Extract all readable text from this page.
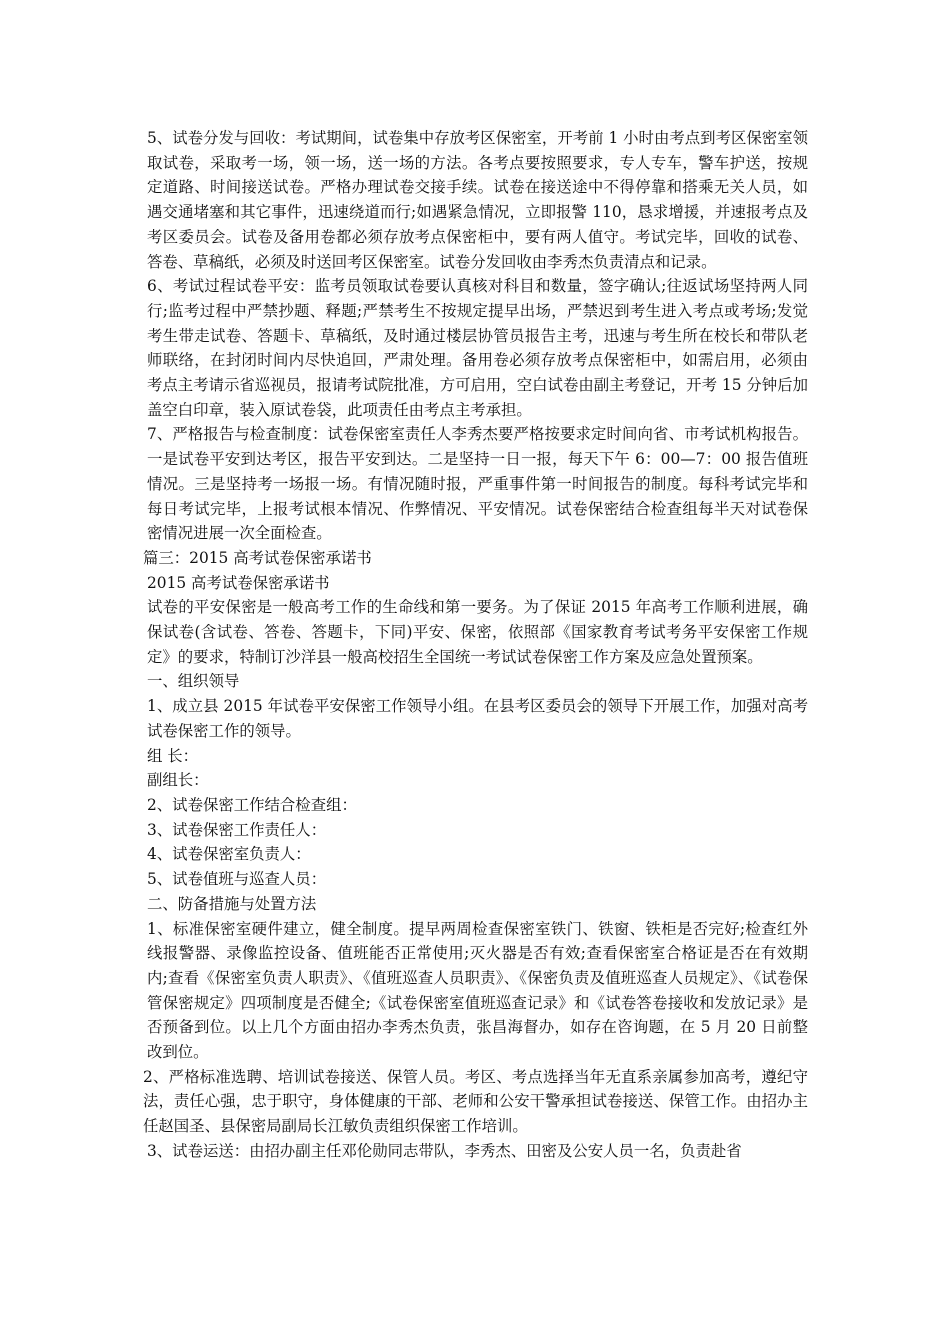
5、试卷分发与回收：考试期间，试卷集中存放考区保密室，开考前 1 小时由考点到考区保密室领取试卷，采取考一场，领一场，送一场的方法。各考点要按照要求，专人专车，警车护送，按规定道路、时间接送试卷。严格办理试卷交接手续。试卷在接送途中不得停靠和搭乘无关人员，如遇交通堵塞和其它事件，迅速绕道而行;如遇紧急情况，立即报警 110，恳求增援，并速报考点及考区委员会。试卷及备用卷都必须存放考点保密柜中，要有两人值守。考试完毕，回收的试卷、答卷、草稿纸，必须及时送回考区保密室。试卷分发回收由李秀杰负责清点和记录。

6、考试过程试卷平安：监考员领取试卷要认真核对科目和数量，签字确认;往返试场坚持两人同行;监考过程中严禁抄题、释题;严禁考生不按规定提早出场，严禁迟到考生进入考点或考场;发觉考生带走试卷、答题卡、草稿纸，及时通过楼层协管员报告主考，迅速与考生所在校长和带队老师联络，在封闭时间内尽快追回，严肃处理。备用卷必须存放考点保密柜中，如需启用，必须由考点主考请示省巡视员，报请考试院批准，方可启用，空白试卷由副主考登记，开考 15 分钟后加盖空白印章，装入原试卷袋，此项责任由考点主考承担。

7、严格报告与检查制度：试卷保密室责任人李秀杰要严格按要求定时间向省、市考试机构报告。一是试卷平安到达考区，报告平安到达。二是坚持一日一报，每天下午 6：00—7：00 报告值班情况。三是坚持考一场报一场。有情况随时报，严重事件第一时间报告的制度。每科考试完毕和每日考试完毕，上报考试根本情况、作弊情况、平安情况。试卷保密结合检查组每半天对试卷保密情况进展一次全面检查。

篇三：2015 高考试卷保密承诺书

2015 高考试卷保密承诺书

试卷的平安保密是一般高考工作的生命线和第一要务。为了保证 2015 年高考工作顺利进展，确保试卷(含试卷、答卷、答题卡，下同)平安、保密，依照部《国家教育考试考务平安保密工作规定》的要求，特制订沙洋县一般高校招生全国统一考试试卷保密工作方案及应急处置预案。

一、组织领导

1、成立县 2015 年试卷平安保密工作领导小组。在县考区委员会的领导下开展工作，加强对高考试卷保密工作的领导。

组 长：

副组长：

2、试卷保密工作结合检查组：

3、试卷保密工作责任人：

4、试卷保密室负责人：

5、试卷值班与巡查人员：

二、防备措施与处置方法

1、标准保密室硬件建立，健全制度。提早两周检查保密室铁门、铁窗、铁柜是否完好;检查红外线报警器、录像监控设备、值班能否正常使用;灭火器是否有效;查看保密室合格证是否在有效期内;查看《保密室负责人职责》、《值班巡查人员职责》、《保密负责及值班巡查人员规定》、《试卷保管保密规定》四项制度是否健全;《试卷保密室值班巡查记录》和《试卷答卷接收和发放记录》是否预备到位。以上几个方面由招办李秀杰负责，张昌海督办，如存在咨询题，在 5 月 20 日前整改到位。

2、严格标准选聘、培训试卷接送、保管人员。考区、考点选择当年无直系亲属参加高考，遵纪守法，责任心强，忠于职守，身体健康的干部、老师和公安干警承担试卷接送、保管工作。由招办主任赵国圣、县保密局副局长江敏负责组织保密工作培训。

3、试卷运送：由招办副主任邓伦勋同志带队，李秀杰、田密及公安人员一名，负责赴省
